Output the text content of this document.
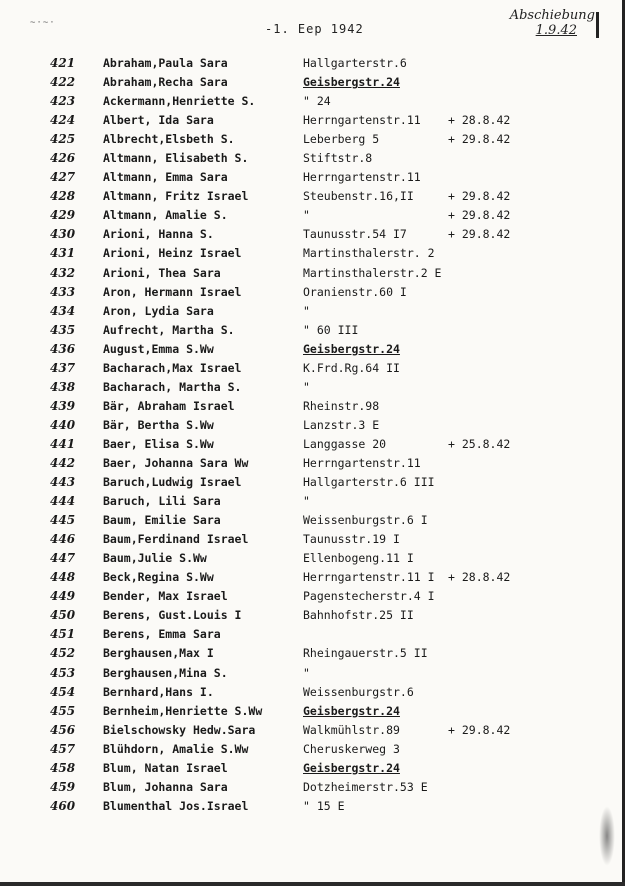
~·~·	-1. Eep 1942
Abschiebung
1.9.42
421	Abraham,Paula Sara	Hallgarterstr.6
422	Abraham,Recha Sara	Geisbergstr.24
423	Ackermann,Henriette S.	" 24
424	Albert, Ida Sara	Herrngartenstr.11 + 28.8.42
425	Albrecht,Elsbeth S.	Leberberg 5	+ 29.8.42
426	Altmann, Elisabeth S.	Stiftstr.8
427	Altmann, Emma Sara	Herrngartenstr.11
428	Altmann, Fritz Israel	Steubenstr.16,II	+ 29.8.42
429	Altmann, Amalie S.	"	+ 29.8.42
430	Arioni, Hanna S.	Taunusstr.54 I7	+ 29.8.42
431	Arioni, Heinz Israel	Martinsthalerstr. 2
432	Arioni, Thea Sara	Martinsthalerstr.2 E
433	Aron, Hermann Israel	Oranienstr.60 I
434	Aron, Lydia Sara	"
435	Aufrecht, Martha S.	" 60 III
436	August,Emma S.Ww	Geisbergstr.24
437	Bacharach,Max Israel	K.Frd.Rg.64 II
438	Bacharach, Martha S.	"
439	Bär, Abraham Israel	Rheinstr.98
440	Bär, Bertha S.Ww	Lanzstr.3 E
441	Baer, Elisa S.Ww	Langgasse 20	+ 25.8.42
442	Baer, Johanna Sara Ww	Herrngartenstr.11
443	Baruch,Ludwig Israel	Hallgarterstr.6 III
444	Baruch, Lili Sara	"
445	Baum, Emilie Sara	Weissenburgstr.6 I
446	Baum,Ferdinand Israel	Taunusstr.19 I
447	Baum,Julie S.Ww	Ellenbogeng.11 I
448	Beck,Regina S.Ww	Herrngartenstr.11 I + 28.8.42
449	Bender, Max Israel	Pagenstecherstr.4 I
450	Berens, Gust.Louis I	Bahnhofstr.25 II
451	Berens, Emma Sara
452	Berghausen,Max I	Rheingauerstr.5 II
453	Berghausen,Mina S.	"
454	Bernhard,Hans I.	Weissenburgstr.6
455	Bernheim,Henriette S.Ww	Geisbergstr.24
456	Bielschowsky Hedw.Sara	Walkmühlstr.89	+ 29.8.42
457	Blühdorn, Amalie S.Ww	Cheruskerweg 3
458	Blum, Natan Israel	Geisbergstr.24
459	Blum, Johanna Sara	Dotzheimerstr.53 E
460	Blumenthal Jos.Israel	" 15 E
